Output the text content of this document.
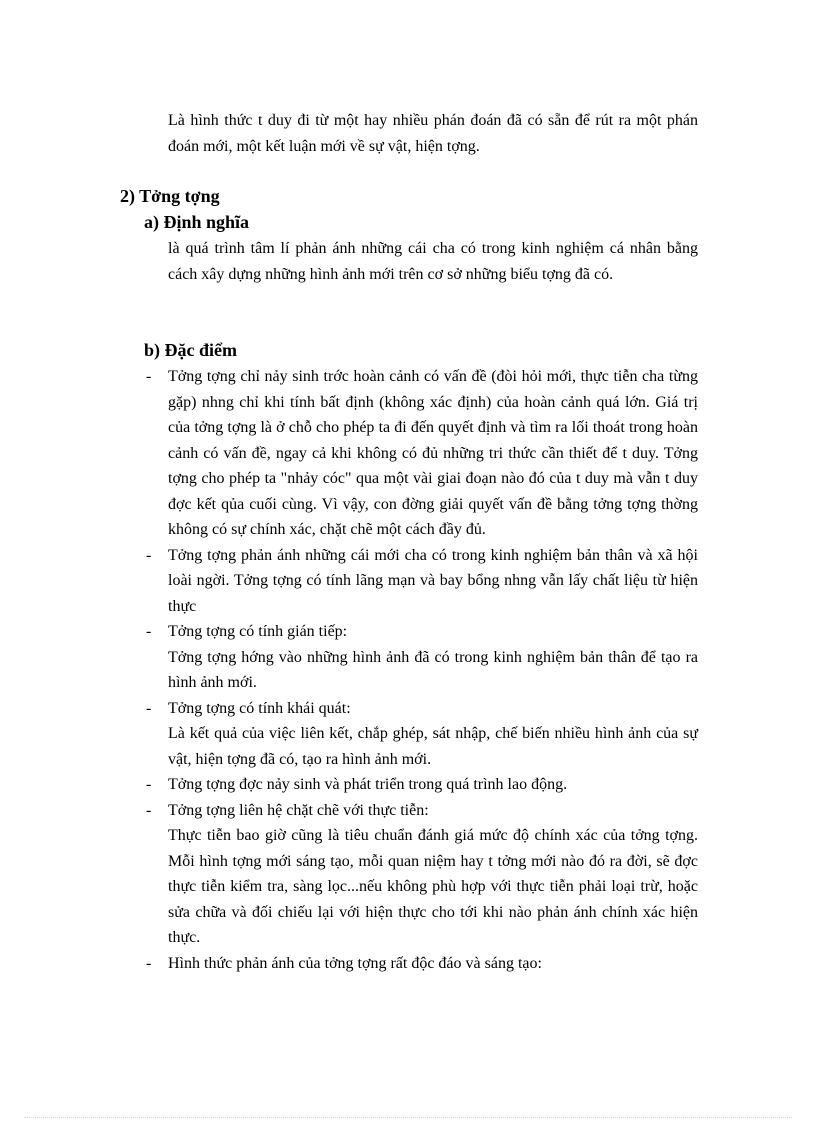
Là hình thức t duy đi từ một hay nhiều phán đoán đã có sẵn để rút ra một phán đoán mới, một kết luận mới về sự vật, hiện tợng.

2) Tởng tợng
a) Định nghĩa

là quá trình tâm lí phản ánh những cái cha có trong kinh nghiệm cá nhân bằng cách xây dựng những hình ảnh mới trên cơ sở những biểu tợng đã có.

b) Đặc điểm
-	Tởng tợng chỉ nảy sinh trớc hoàn cảnh có vấn đề (đòi hỏi mới, thực tiễn cha từng gặp) nhng chỉ khi tính bất định (không xác định) của hoàn cảnh quá lớn. Giá trị của tởng tợng là ở chỗ cho phép ta đi đến quyết định và tìm ra lối thoát trong hoàn cảnh có vấn đề, ngay cả khi không có đủ những tri thức cần thiết để t duy. Tởng tợng cho phép ta "nhảy cóc" qua một vài giai đoạn nào đó của t duy mà vẫn t duy đợc kết qủa cuối cùng. Vì vậy, con đờng giải quyết vấn đề bằng tởng tợng thờng không có sự chính xác, chặt chẽ một cách đầy đủ.
-	Tởng tợng phản ánh những cái mới cha có trong kinh nghiệm bản thân và xã hội loài ngời. Tởng tợng có tính lãng mạn và bay bổng nhng vẫn lấy chất liệu từ hiện thực
-	Tởng tợng có tính gián tiếp:
Tởng tợng hớng vào những hình ảnh đã có trong kinh nghiệm bản thân để tạo ra hình ảnh mới.
-	Tởng tợng có tính khái quát:
Là kết quả của việc liên kết, chắp ghép, sát nhập, chế biến nhiều hình ảnh của sự vật, hiện tợng đã có, tạo ra hình ảnh mới.
-	Tởng tợng đợc nảy sinh và phát triển trong quá trình lao động.
-	Tởng tợng liên hệ chặt chẽ với thực tiễn:
Thực tiễn bao giờ cũng là tiêu chuẩn đánh giá mức độ chính xác của tởng tợng. Mỗi hình tợng mới sáng tạo, mỗi quan niệm hay t tởng mới nào đó ra đời, sẽ đợc thực tiễn kiểm tra, sàng lọc...nếu không phù hợp với thực tiễn phải loại trừ, hoặc sửa chữa và đối chiếu lại với hiện thực cho tới khi nào phản ánh chính xác hiện thực.
-	Hình thức phản ánh của tởng tợng rất độc đáo và sáng tạo:
